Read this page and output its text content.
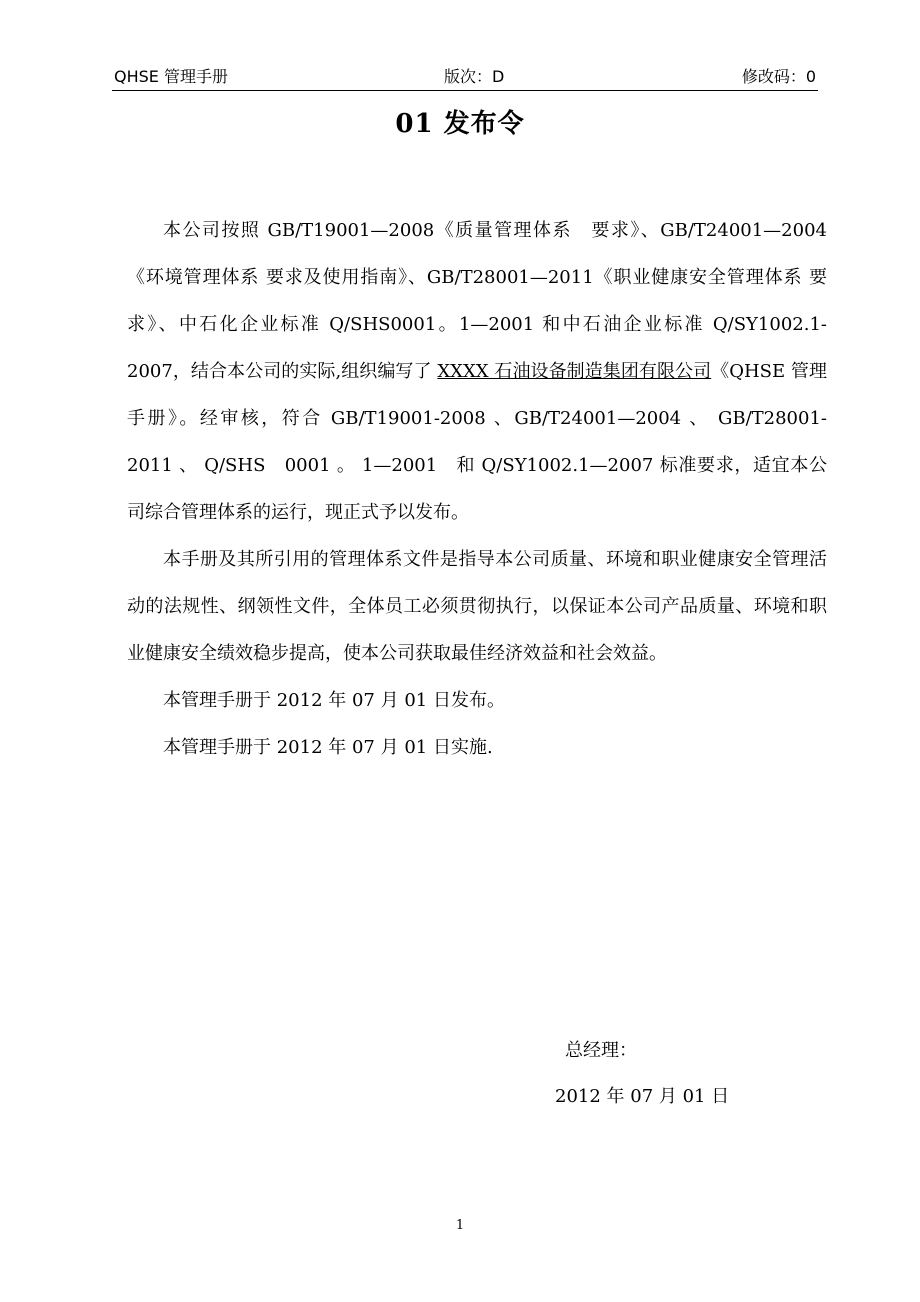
QHSE 管理手册	版次：D	修改码：0
01 发布令

本公司按照 GB/T19001—2008《质量管理体系　要求》、GB/T24001—2004《环境管理体系 要求及使用指南》、GB/T28001—2011《职业健康安全管理体系 要求》、中石化企业标准 Q/SHS0001。1—2001 和中石油企业标准 Q/SY1002.1-2007，结合本公司的实际,组织编写了 XXXX 石油设备制造集团有限公司《QHSE 管理手册》。经审核，符合 GB/T19001-2008 、GB/T24001—2004 、 GB/T28001-2011 、 Q/SHS　0001 。 1—2001　和 Q/SY1002.1—2007 标准要求，适宜本公司综合管理体系的运行，现正式予以发布。

本手册及其所引用的管理体系文件是指导本公司质量、环境和职业健康安全管理活动的法规性、纲领性文件，全体员工必须贯彻执行，以保证本公司产品质量、环境和职业健康安全绩效稳步提高，使本公司获取最佳经济效益和社会效益。

本管理手册于 2012 年 07 月 01 日发布。

本管理手册于 2012 年 07 月 01 日实施.

总经理：
2012 年 07 月 01 日
1
